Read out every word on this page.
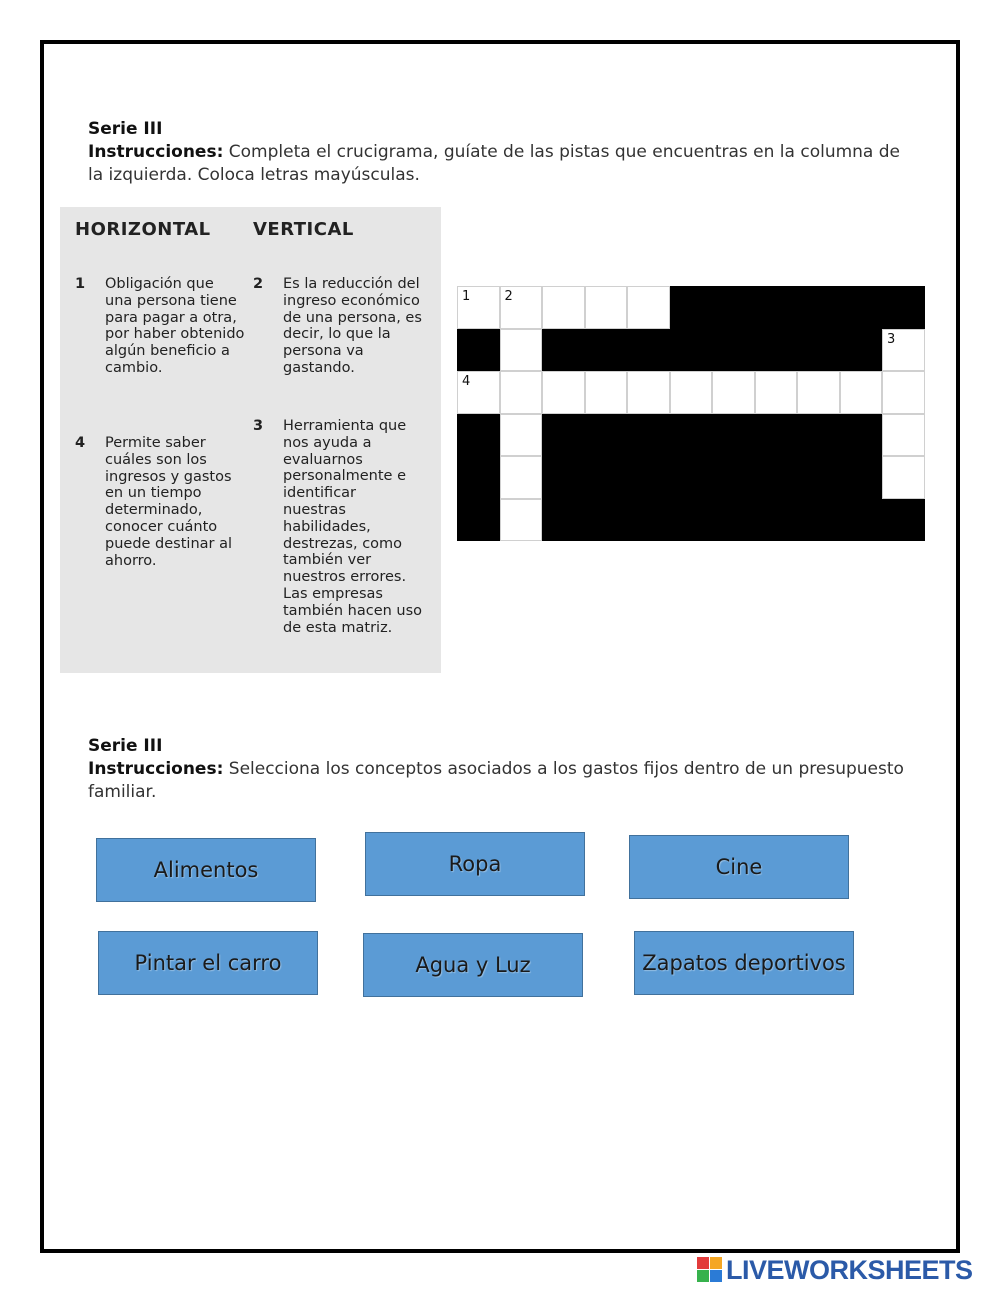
Serie III
Instrucciones: Completa el crucigrama, guíate de las pistas que encuentras en la columna de la izquierda. Coloca letras mayúsculas.
HORIZONTAL
1 Obligación que una persona tiene para pagar a otra, por haber obtenido algún beneficio a cambio.
4 Permite saber cuáles son los ingresos y gastos en un tiempo determinado, conocer cuánto puede destinar al ahorro.
VERTICAL
2 Es la reducción del ingreso económico de una persona, es decir, lo que la persona va gastando.
3 Herramienta que nos ayuda a evaluarnos personalmente e identificar nuestras habilidades, destrezas, como también ver nuestros errores. Las empresas también hacen uso de esta matriz.
1	2
3
4
Serie III
Instrucciones: Selecciona los conceptos asociados a los gastos fijos dentro de un presupuesto familiar.
Alimentos	Ropa	Cine
Pintar el carro	Agua y Luz	Zapatos deportivos
LIVEWORKSHEETS
